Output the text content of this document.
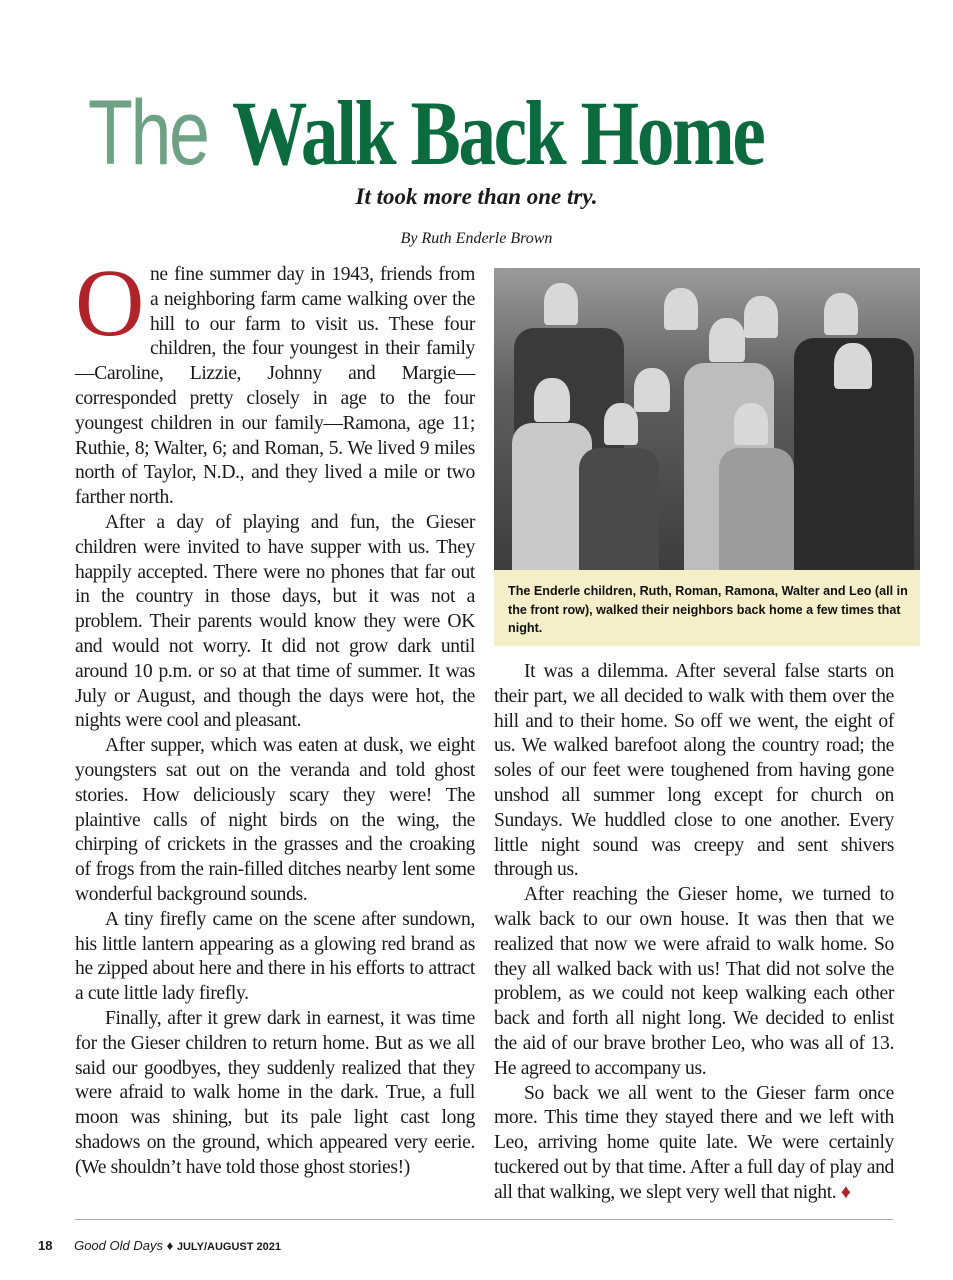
The Walk Back Home
It took more than one try.
By Ruth Enderle Brown

One fine summer day in 1943, friends from a neighboring farm came walking over the hill to our farm to visit us. These four children, the four youngest in their family—Caroline, Lizzie, Johnny and Margie—corresponded pretty closely in age to the four youngest children in our family—Ramona, age 11; Ruthie, 8; Walter, 6; and Roman, 5. We lived 9 miles north of Taylor, N.D., and they lived a mile or two farther north.

After a day of playing and fun, the Gieser children were invited to have supper with us. They happily accepted. There were no phones that far out in the country in those days, but it was not a problem. Their parents would know they were OK and would not worry. It did not grow dark until around 10 p.m. or so at that time of summer. It was July or August, and though the days were hot, the nights were cool and pleasant.

After supper, which was eaten at dusk, we eight youngsters sat out on the veranda and told ghost stories. How deliciously scary they were! The plaintive calls of night birds on the wing, the chirping of crickets in the grasses and the croaking of frogs from the rain-filled ditches nearby lent some wonderful background sounds.

A tiny firefly came on the scene after sundown, his little lantern appearing as a glowing red brand as he zipped about here and there in his efforts to attract a cute little lady firefly.

Finally, after it grew dark in earnest, it was time for the Gieser children to return home. But as we all said our goodbyes, they suddenly realized that they were afraid to walk home in the dark. True, a full moon was shining, but its pale light cast long shadows on the ground, which appeared very eerie. (We shouldn’t have told those ghost stories!)

The Enderle children, Ruth, Roman, Ramona, Walter and Leo (all in the front row), walked their neighbors back home a few times that night.

It was a dilemma. After several false starts on their part, we all decided to walk with them over the hill and to their home. So off we went, the eight of us. We walked barefoot along the country road; the soles of our feet were toughened from having gone unshod all summer long except for church on Sundays. We huddled close to one another. Every little night sound was creepy and sent shivers through us.

After reaching the Gieser home, we turned to walk back to our own house. It was then that we realized that now we were afraid to walk home. So they all walked back with us! That did not solve the problem, as we could not keep walking each other back and forth all night long. We decided to enlist the aid of our brave brother Leo, who was all of 13. He agreed to accompany us.

So back we all went to the Gieser farm once more. This time they stayed there and we left with Leo, arriving home quite late. We were certainly tuckered out by that time. After a full day of play and all that walking, we slept very well that night. ♦

18 Good Old Days ♦ JULY/AUGUST 2021
